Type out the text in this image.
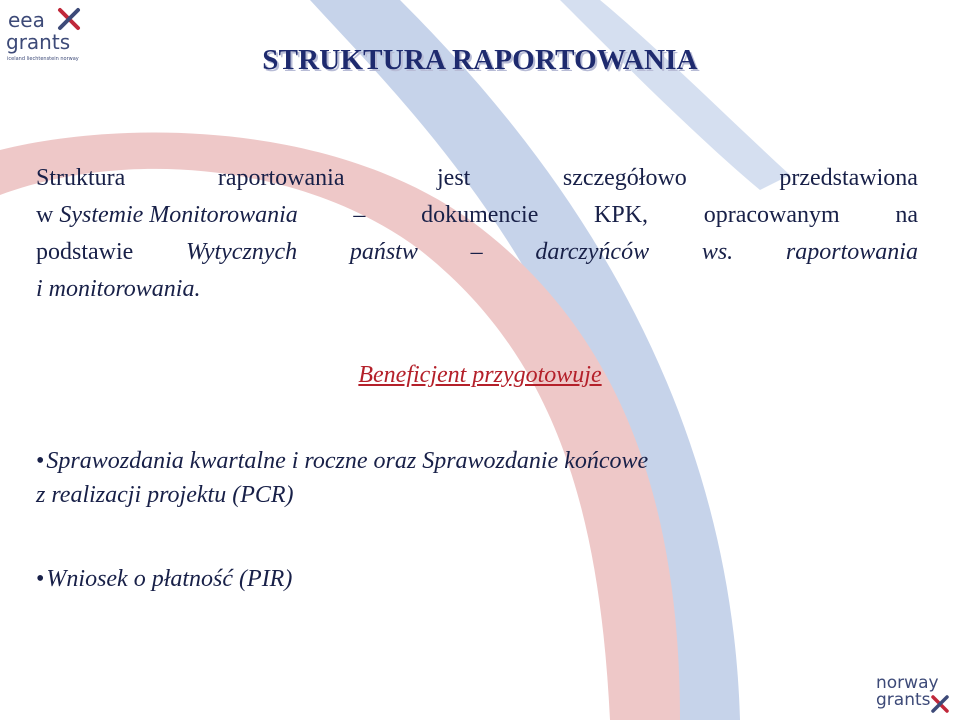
eea
grants
iceland liechtenstein norway	STRUKTURA RAPORTOWANIA
Struktura	raportowania	jest	szczegółowo	przedstawiona
w Systemie Monitorowania – dokumencie KPK, opracowanym na
podstawie Wytycznych państw – darczyńców ws. raportowania
i monitorowania.
Beneficjent przygotowuje
•Sprawozdania kwartalne i roczne oraz Sprawozdanie końcowe
z realizacji projektu (PCR)
•Wniosek o płatność (PIR)
norway
grants
